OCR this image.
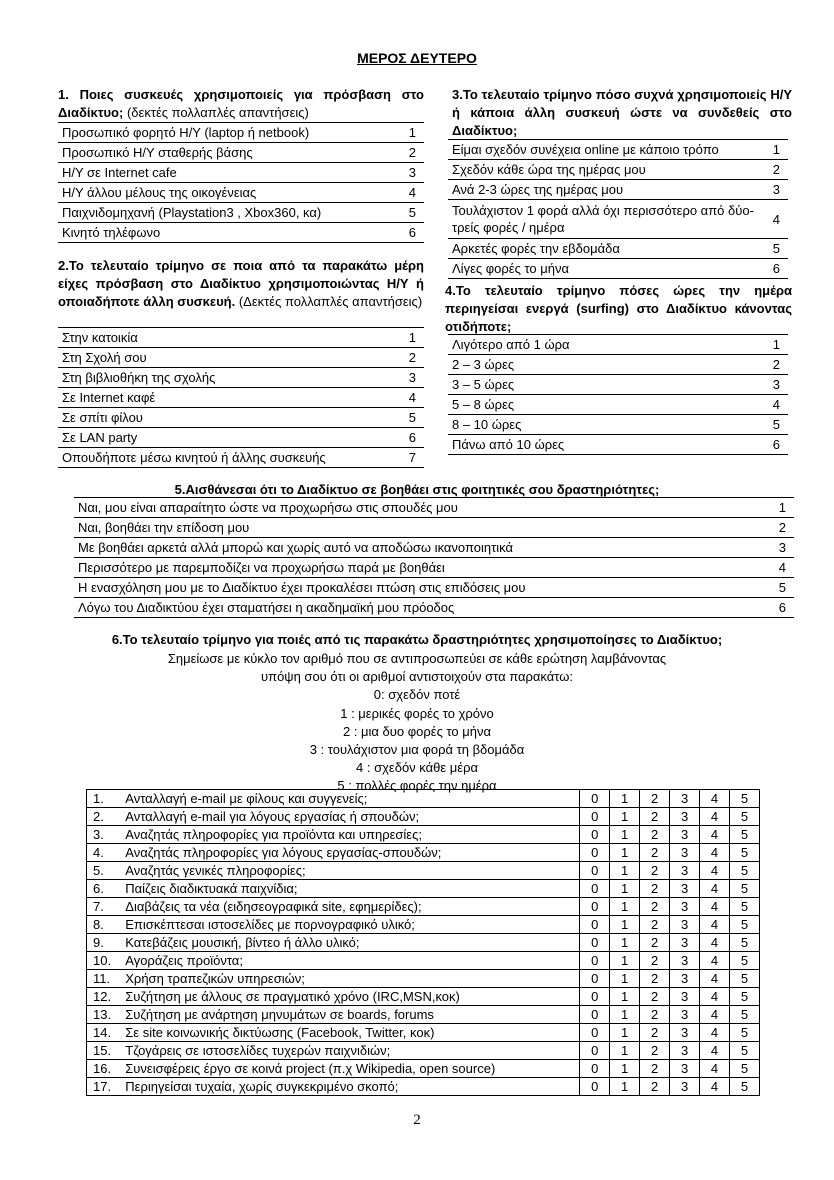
ΜΕΡΟΣ ΔΕΥΤΕΡΟ
1. Ποιες συσκευές χρησιμοποιείς για πρόσβαση στο Διαδίκτυο; (δεκτές πολλαπλές απαντήσεις)
Προσωπικό φορητό Η/Υ (laptop ή netbook)	1
Προσωπικό Η/Υ σταθερής βάσης	2
Η/Υ σε Internet cafe	3
Η/Υ άλλου μέλους της οικογένειας	4
Παιχνιδομηχανή (Playstation3 , Xbox360, κα)	5
Κινητό τηλέφωνο	6
2.Το τελευταίο τρίμηνο σε ποια από τα παρακάτω μέρη είχες πρόσβαση στο Διαδίκτυο χρησιμοποιώντας Η/Υ ή οποιαδήποτε άλλη συσκευή. (Δεκτές πολλαπλές απαντήσεις)
Στην κατοικία	1
Στη Σχολή σου	2
Στη βιβλιοθήκη της σχολής	3
Σε Internet καφέ	4
Σε σπίτι φίλου	5
Σε LAN party	6
Οπουδήποτε μέσω κινητού ή άλλης συσκευής	7
3.Το τελευταίο τρίμηνο πόσο συχνά χρησιμοποιείς Η/Υ ή κάποια άλλη συσκευή ώστε να συνδεθείς στο Διαδίκτυο;
Είμαι σχεδόν συνέχεια online με κάποιο τρόπο	1
Σχεδόν κάθε ώρα της ημέρας μου	2
Ανά 2-3 ώρες της ημέρας μου	3
Τουλάχιστον 1 φορά αλλά όχι περισσότερο από δύο-τρείς φορές / ημέρα
4
Αρκετές φορές την εβδομάδα	5
Λίγες φορές το μήνα	6
4.Το τελευταίο τρίμηνο πόσες ώρες την ημέρα περιηγείσαι ενεργά (surfing) στο Διαδίκτυο κάνοντας οτιδήποτε;
Λιγότερο από 1 ώρα	1
2 – 3 ώρες	2
3 – 5 ώρες	3
5 – 8 ώρες	4
8 – 10 ώρες	5
Πάνω από 10 ώρες	6
5.Αισθάνεσαι ότι το Διαδίκτυο σε βοηθάει στις φοιτητικές σου δραστηριότητες;
Ναι, μου είναι απαραίτητο ώστε να προχωρήσω στις σπουδές μου	1
Ναι, βοηθάει την επίδοση μου	2
Με βοηθάει αρκετά αλλά μπορώ και χωρίς αυτό να αποδώσω ικανοποιητικά	3
Περισσότερο με παρεμποδίζει να προχωρήσω παρά με βοηθάει	4
Η ενασχόληση μου με το Διαδίκτυο έχει προκαλέσει πτώση στις επιδόσεις μου	5
Λόγω του Διαδικτύου έχει σταματήσει η ακαδημαϊκή μου πρόοδος	6
6.Το τελευταίο τρίμηνο για ποιές από τις παρακάτω δραστηριότητες χρησιμοποίησες το Διαδίκτυο;
Σημείωσε με κύκλο τον αριθμό που σε αντιπροσωπεύει σε κάθε ερώτηση λαμβάνοντας
υπόψη σου ότι οι αριθμοί αντιστοιχούν στα παρακάτω:
0: σχεδόν ποτέ
1 : μερικές φορές το χρόνο
2 : μια δυο φορές το μήνα
3 : τουλάχιστον μια φορά τη βδομάδα
4 : σχεδόν κάθε μέρα
5 : πολλές φορές την ημέρα
1.	Ανταλλαγή e-mail με φίλους και συγγενείς;	0	1	2	3	4	5
2.	Ανταλλαγή e-mail για λόγους εργασίας ή σπουδών;	0	1	2	3	4	5
3.	Αναζητάς πληροφορίες για προϊόντα και υπηρεσίες;	0	1	2	3	4	5
4.	Αναζητάς πληροφορίες για λόγους εργασίας-σπουδών;	0	1	2	3	4	5
5.	Αναζητάς γενικές πληροφορίες;	0	1	2	3	4	5
6.	Παίζεις διαδικτυακά παιχνίδια;	0	1	2	3	4	5
7.	Διαβάζεις τα νέα (ειδησεογραφικά site, εφημερίδες);	0	1	2	3	4	5
8.	Επισκέπτεσαι ιστοσελίδες με πορνογραφικό υλικό;	0	1	2	3	4	5
9.	Κατεβάζεις μουσική, βίντεο ή άλλο υλικό;	0	1	2	3	4	5
10.	Αγοράζεις προϊόντα;	0	1	2	3	4	5
11.	Χρήση τραπεζικών υπηρεσιών;	0	1	2	3	4	5
12.	Συζήτηση με άλλους σε πραγματικό χρόνο (IRC,MSN,κοκ)	0	1	2	3	4	5
13.	Συζήτηση με ανάρτηση μηνυμάτων σε boards, forums	0	1	2	3	4	5
14.	Σε site κοινωνικής δικτύωσης (Facebook, Twitter, κοκ)	0	1	2	3	4	5
15.	Τζογάρεις σε ιστοσελίδες τυχερών παιχνιδιών;	0	1	2	3	4	5
16.	Συνεισφέρεις έργο σε κοινά project (π.χ Wikipedia, open source)	0	1	2	3	4	5
17.	Περιηγείσαι τυχαία, χωρίς συγκεκριμένο σκοπό;	0	1	2	3	4	5
2
